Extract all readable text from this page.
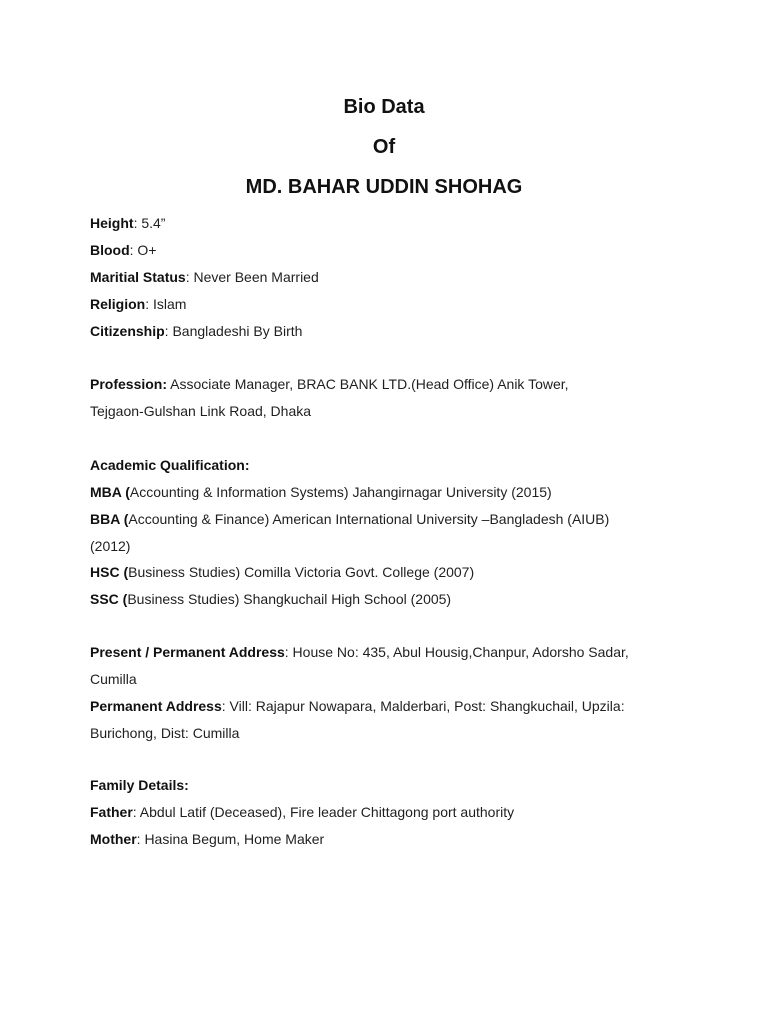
Bio Data
Of
MD. BAHAR UDDIN SHOHAG
Height: 5.4”
Blood: O+
Maritial Status: Never Been Married
Religion: Islam
Citizenship: Bangladeshi By Birth
Profession: Associate Manager, BRAC BANK LTD.(Head Office) Anik Tower,
Tejgaon-Gulshan Link Road, Dhaka
Academic Qualification:
MBA (Accounting & Information Systems) Jahangirnagar University (2015)
BBA (Accounting & Finance) American International University –Bangladesh (AIUB)
(2012)
HSC (Business Studies) Comilla Victoria Govt. College (2007)
SSC (Business Studies) Shangkuchail High School (2005)
Present / Permanent Address: House No: 435, Abul Housig,Chanpur, Adorsho Sadar,
Cumilla
Permanent Address: Vill: Rajapur Nowapara, Malderbari, Post: Shangkuchail, Upzila:
Burichong, Dist: Cumilla
Family Details:
Father: Abdul Latif (Deceased), Fire leader Chittagong port authority
Mother: Hasina Begum, Home Maker
